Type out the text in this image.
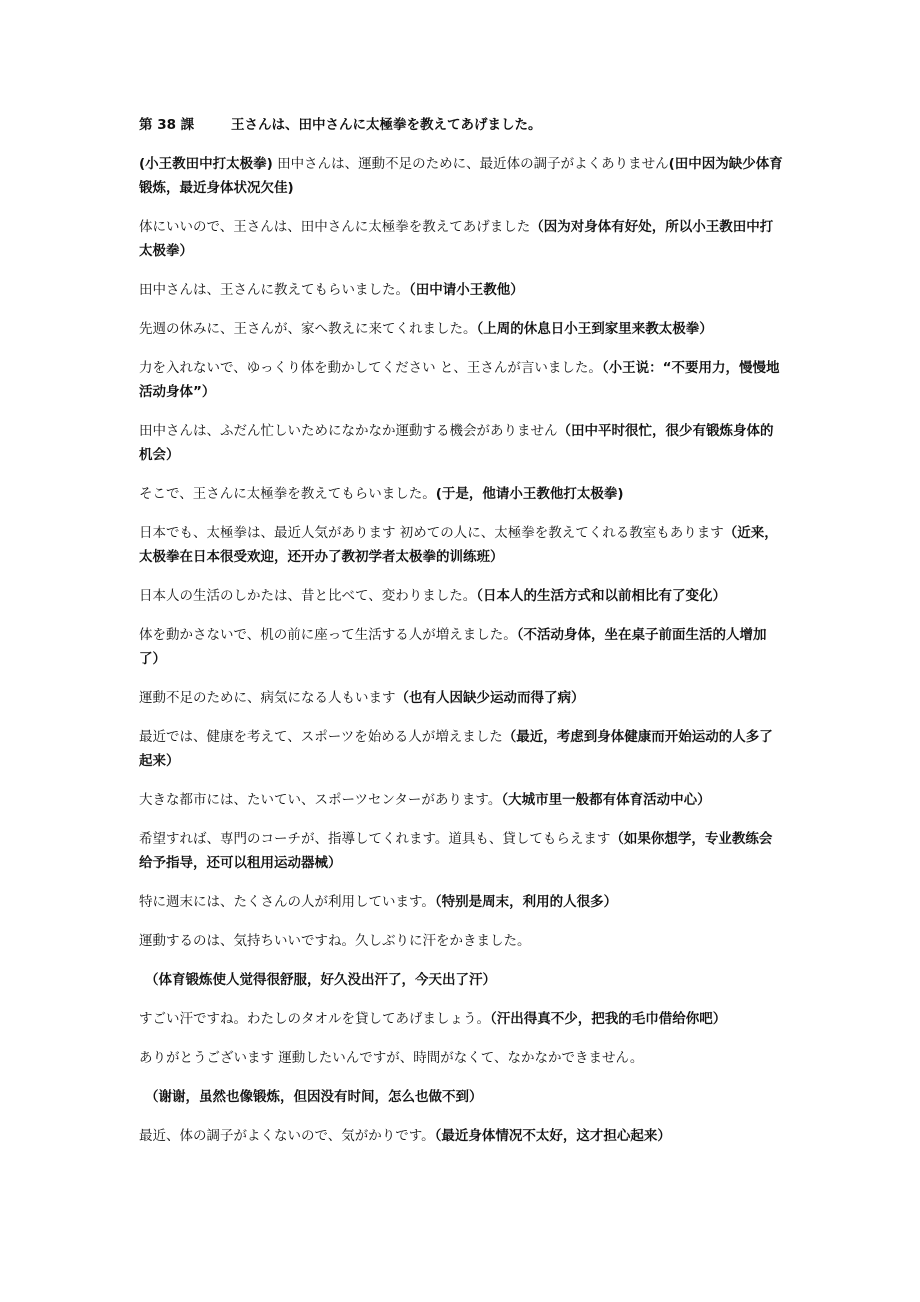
第 38 課	王さんは、田中さんに太極拳を教えてあげました。
(小王教田中打太极拳) 田中さんは、運動不足のために、最近体の調子がよくありません(田中因为缺少体育锻炼，最近身体状况欠佳)
体にいいので、王さんは、田中さんに太極拳を教えてあげました（因为对身体有好处，所以小王教田中打太极拳）
田中さんは、王さんに教えてもらいました。（田中请小王教他）
先週の休みに、王さんが、家へ教えに来てくれました。（上周的休息日小王到家里来教太极拳）
力を入れないで、ゆっくり体を動かしてください と、王さんが言いました。（小王说：“不要用力，慢慢地活动身体”）
田中さんは、ふだん忙しいためになかなか運動する機会がありません（田中平时很忙，很少有锻炼身体的机会）
そこで、王さんに太極拳を教えてもらいました。(于是，他请小王教他打太极拳)
日本でも、太極拳は、最近人気があります 初めての人に、太極拳を教えてくれる教室もあります（近来，太极拳在日本很受欢迎，还开办了教初学者太极拳的训练班）
日本人の生活のしかたは、昔と比べて、変わりました。（日本人的生活方式和以前相比有了变化）
体を動かさないで、机の前に座って生活する人が増えました。（不活动身体，坐在桌子前面生活的人增加了）
運動不足のために、病気になる人もいます（也有人因缺少运动而得了病）
最近では、健康を考えて、スポーツを始める人が増えました（最近，考虑到身体健康而开始运动的人多了起来）
大きな都市には、たいてい、スポーツセンターがあります。（大城市里一般都有体育活动中心）
希望すれば、専門のコーチが、指導してくれます。道具も、貸してもらえます（如果你想学，专业教练会给予指导，还可以租用运动器械）
特に週末には、たくさんの人が利用しています。（特别是周末，利用的人很多）
運動するのは、気持ちいいですね。久しぶりに汗をかきました。
（体育锻炼使人觉得很舒服，好久没出汗了，今天出了汗）
すごい汗ですね。わたしのタオルを貸してあげましょう。（汗出得真不少，把我的毛巾借给你吧）
ありがとうございます 運動したいんですが、時間がなくて、なかなかできません。
（谢谢，虽然也像锻炼，但因没有时间，怎么也做不到）
最近、体の調子がよくないので、気がかりです。（最近身体情况不太好，这才担心起来）
